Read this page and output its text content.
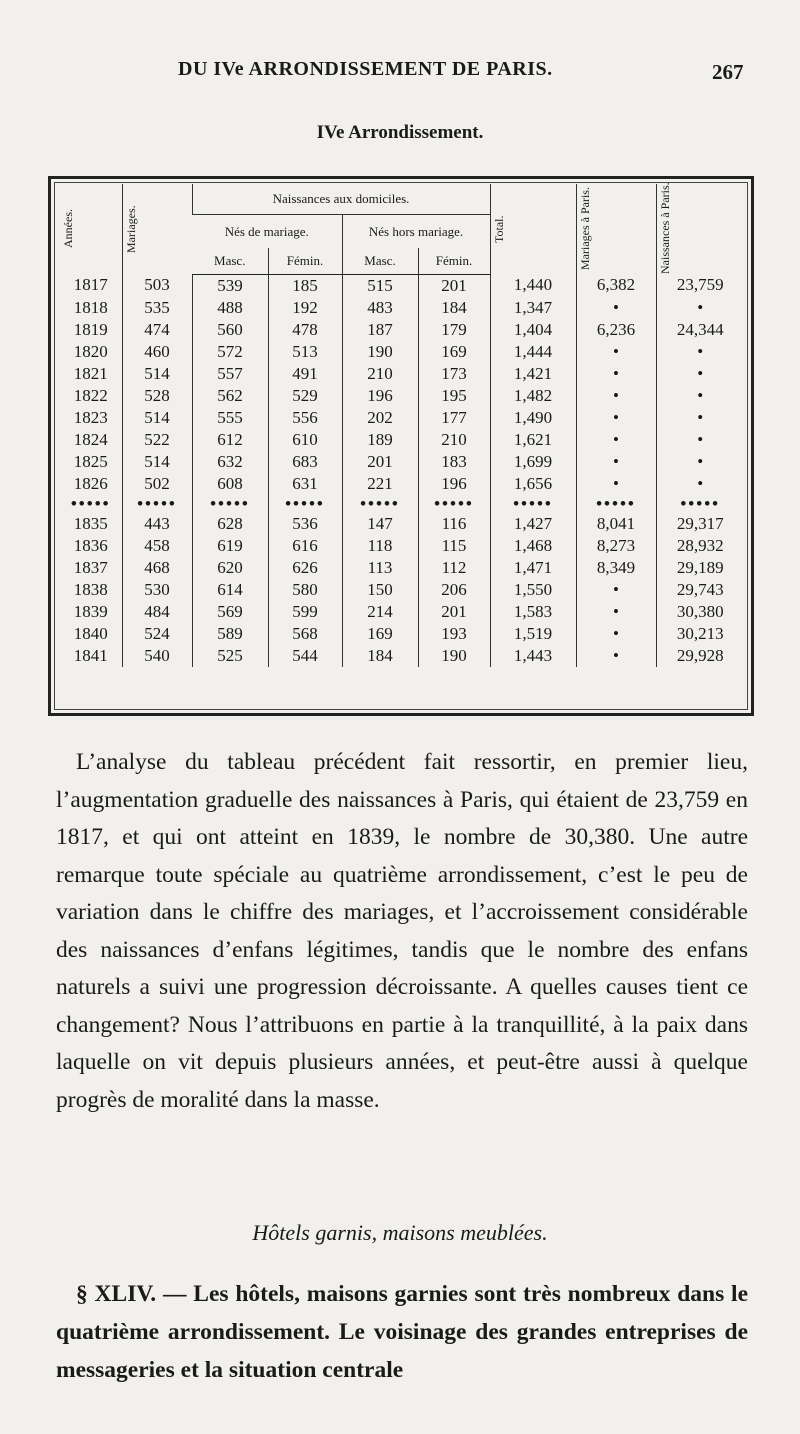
DU IVe ARRONDISSEMENT DE PARIS.	267
IVe Arrondissement.
Années.	Mariages.	Naissances aux domiciles.				Total.	Mariages à Paris.	Naissances à Paris.

		Nés de mariage.		Nés hors mariage.				
		Masc.	Fémin.	Masc.	Fémin.			
1817	503	539	185	515	201	1,440	6,382	23,759
1818	535	488	192	483	184	1,347	•	•
1819	474	560	478	187	179	1,404	6,236	24,344
1820	460	572	513	190	169	1,444	•	•
1821	514	557	491	210	173	1,421	•	•
1822	528	562	529	196	195	1,482	•	•
1823	514	555	556	202	177	1,490	•	•
1824	522	612	610	189	210	1,621	•	•
1825	514	632	683	201	183	1,699	•	•
1826	502	608	631	221	196	1,656	•	•
•••••	•••••	•••••	•••••	•••••	•••••	•••••	•••••	•••••
1835	443	628	536	147	116	1,427	8,041	29,317
1836	458	619	616	118	115	1,468	8,273	28,932
1837	468	620	626	113	112	1,471	8,349	29,189
1838	530	614	580	150	206	1,550	•	29,743
1839	484	569	599	214	201	1,583	•	30,380
1840	524	589	568	169	193	1,519	•	30,213
1841	540	525	544	184	190	1,443	•	29,928

L’analyse du tableau précédent fait ressortir, en premier lieu, l’augmentation graduelle des naissances à Paris, qui étaient de 23,759 en 1817, et qui ont atteint en 1839, le nombre de 30,380. Une autre remarque toute spéciale au quatrième arrondissement, c’est le peu de variation dans le chiffre des mariages, et l’accroissement considérable des naissances d’enfans légitimes, tandis que le nombre des enfans naturels a suivi une progression décroissante. A quelles causes tient ce changement? Nous l’attribuons en partie à la tranquillité, à la paix dans laquelle on vit depuis plusieurs années, et peut-être aussi à quelque progrès de moralité dans la masse.

Hôtels garnis, maisons meublées.

§ XLIV. — Les hôtels, maisons garnies sont très nombreux dans le quatrième arrondissement. Le voisinage des grandes entreprises de messageries et la situation centrale
